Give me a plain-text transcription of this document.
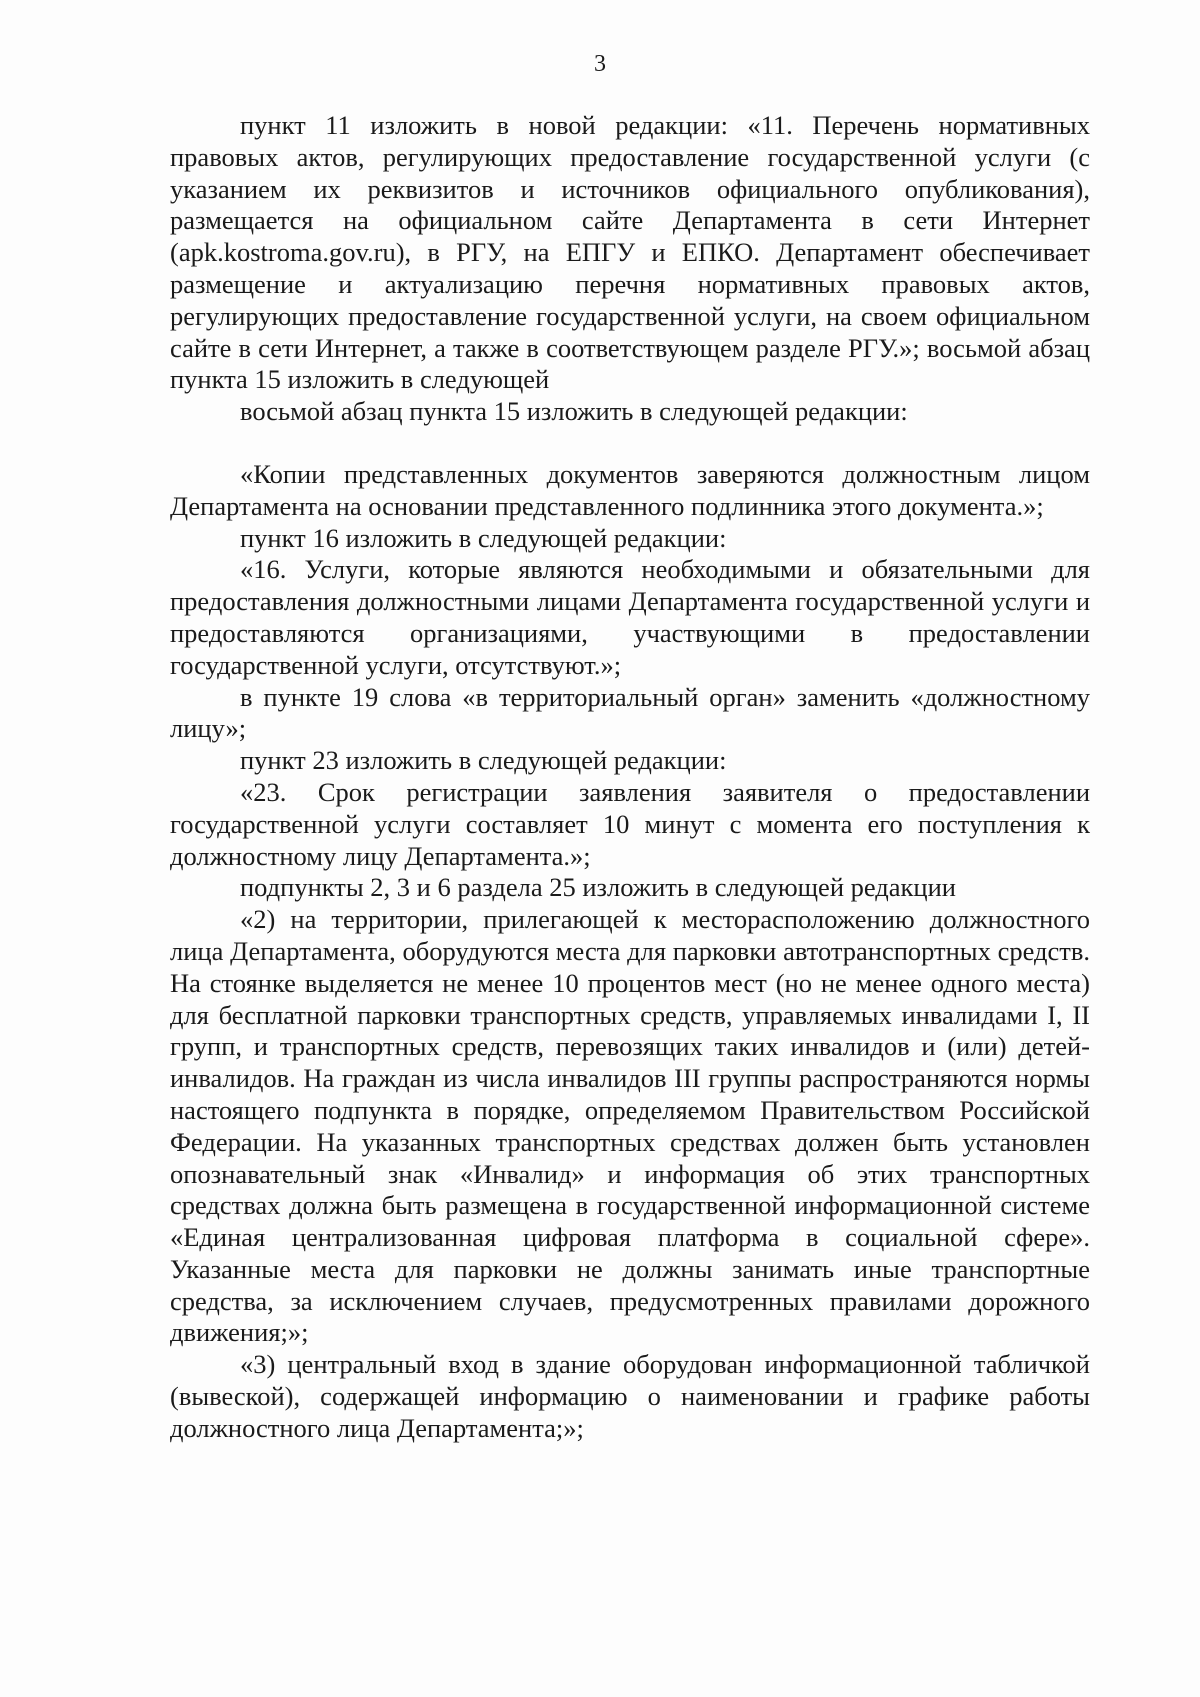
3

пункт 11 изложить в новой редакции: «11. Перечень нормативных правовых актов, регулирующих предоставление государственной услуги (с указанием их реквизитов и источников официального опубликования), размещается на официальном сайте Департамента в сети Интернет (apk.kostroma.gov.ru), в РГУ, на ЕПГУ и ЕПКО. Департамент обеспечивает размещение и актуализацию перечня нормативных правовых актов, регулирующих предоставление государственной услуги, на своем официальном сайте в сети Интернет, а также в соответствующем разделе РГУ.»; восьмой абзац пункта 15 изложить в следующей

восьмой абзац пункта 15 изложить в следующей редакции:

«Копии представленных документов заверяются должностным лицом Департамента на основании представленного подлинника этого документа.»;

пункт 16 изложить в следующей редакции:

«16. Услуги, которые являются необходимыми и обязательными для предоставления должностными лицами Департамента государственной услуги и предоставляются организациями, участвующими в предоставлении государственной услуги, отсутствуют.»;

в пункте 19 слова «в территориальный орган» заменить «должностному лицу»;

пункт 23 изложить в следующей редакции:

«23. Срок регистрации заявления заявителя о предоставлении государственной услуги составляет 10 минут с момента его поступления к должностному лицу Департамента.»;

подпункты 2, 3 и 6 раздела 25 изложить в следующей редакции

«2) на территории, прилегающей к месторасположению должностного лица Департамента, оборудуются места для парковки автотранспортных средств. На стоянке выделяется не менее 10 процентов мест (но не менее одного места) для бесплатной парковки транспортных средств, управляемых инвалидами I, II групп, и транспортных средств, перевозящих таких инвалидов и (или) детей-инвалидов. На граждан из числа инвалидов III группы распространяются нормы настоящего подпункта в порядке, определяемом Правительством Российской Федерации. На указанных транспортных средствах должен быть установлен опознавательный знак «Инвалид» и информация об этих транспортных средствах должна быть размещена в государственной информационной системе «Единая централизованная цифровая платформа в социальной сфере». Указанные места для парковки не должны занимать иные транспортные средства, за исключением случаев, предусмотренных правилами дорожного движения;»;

«3) центральный вход в здание оборудован информационной табличкой (вывеской), содержащей информацию о наименовании и графике работы должностного лица Департамента;»;
